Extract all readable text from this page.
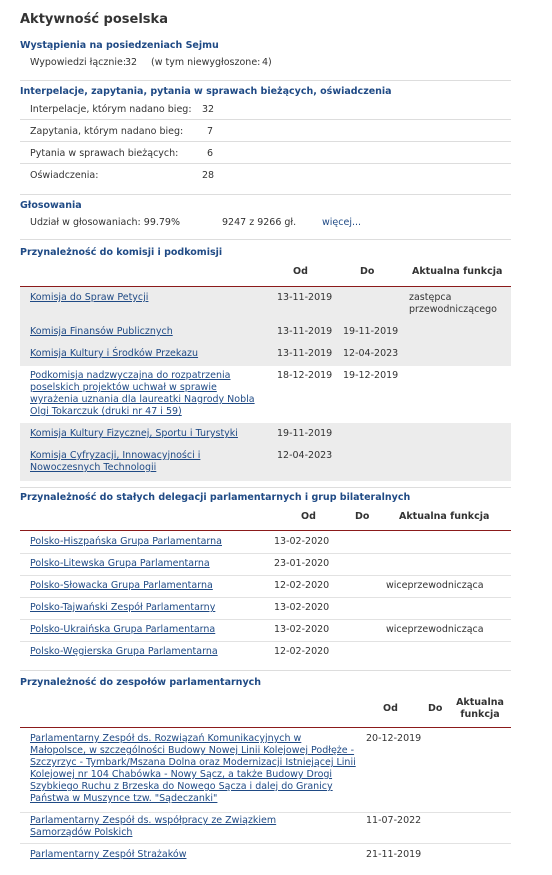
Aktywność poselska
Wystąpienia na posiedzeniach Sejmu
Wypowiedzi łącznie:
32 (w tym niewygłoszone: 4)
Interpelacje, zapytania, pytania w sprawach bieżących, oświadczenia
Interpelacje, którym nadano bieg: 32
Zapytania, którym nadano bieg:	7
Pytania w sprawach bieżących:	6
Oświadczenia:	28
Głosowania
Udział w głosowaniach: 99.79%	9247 z 9266 gł.	więcej...
Przynależność do komisji i podkomisji
Od	Do	Aktualna funkcja
Komisja do Spraw Petycji	13-11-2019	zastępca przewodniczącego
Komisja Finansów Publicznych	13-11-2019 19-11-2019
Komisja Kultury i Środków Przekazu	13-11-2019 12-04-2023
Podkomisja nadzwyczajna do rozpatrzenia poselskich projektów uchwał w sprawie wyrażenia uznania dla laureatki Nagrody Nobla Olgi Tokarczuk (druki nr 47 i 59)
18-12-2019 19-12-2019
Komisja Kultury Fizycznej, Sportu i Turystyki	19-11-2019
Komisja Cyfryzacji, Innowacyjności i Nowoczesnych Technologii
12-04-2023
Przynależność do stałych delegacji parlamentarnych i grup bilateralnych
Od	Do	Aktualna funkcja
Polsko-Hiszpańska Grupa Parlamentarna	13-02-2020
Polsko-Litewska Grupa Parlamentarna	23-01-2020
Polsko-Słowacka Grupa Parlamentarna	12-02-2020	wiceprzewodnicząca
Polsko-Tajwański Zespół Parlamentarny	13-02-2020
Polsko-Ukraińska Grupa Parlamentarna	13-02-2020	wiceprzewodnicząca
Polsko-Węgierska Grupa Parlamentarna	12-02-2020
Przynależność do zespołów parlamentarnych
Od	Do
Aktualna funkcja
Parlamentarny Zespół ds. Rozwiązań Komunikacyjnych w Małopolsce, w szczególności Budowy Nowej Linii Kolejowej Podłęże - Szczyrzyc - Tymbark/Mszana Dolna oraz Modernizacji Istniejącej Linii Kolejowej nr 104 Chabówka - Nowy Sącz, a także Budowy Drogi Szybkiego Ruchu z Brzeska do Nowego Sącza i dalej do Granicy Państwa w Muszynce tzw. "Sądeczanki"
20-12-2019
Parlamentarny Zespół ds. współpracy ze Związkiem Samorządów Polskich
11-07-2022
Parlamentarny Zespół Strażaków	21-11-2019
